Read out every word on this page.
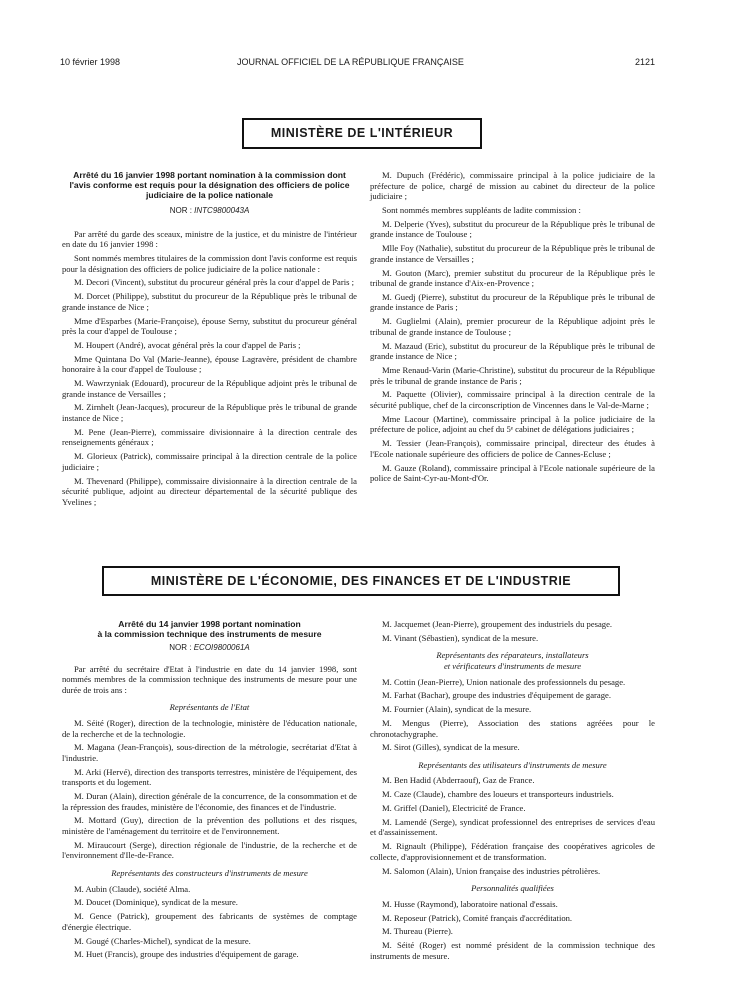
10 février 1998	JOURNAL OFFICIEL DE LA RÉPUBLIQUE FRANÇAISE	2121
MINISTÈRE DE L'INTÉRIEUR
Arrêté du 16 janvier 1998 portant nomination à la commission dont l'avis conforme est requis pour la désignation des officiers de police judiciaire de la police nationale
NOR : INTC9800043A

Par arrêté du garde des sceaux, ministre de la justice, et du ministre de l'intérieur en date du 16 janvier 1998 :

Sont nommés membres titulaires de la commission dont l'avis conforme est requis pour la désignation des officiers de police judiciaire de la police nationale :

M. Decori (Vincent), substitut du procureur général près la cour d'appel de Paris ;

M. Dorcet (Philippe), substitut du procureur de la République près le tribunal de grande instance de Nice ;

Mme d'Esparbes (Marie-Françoise), épouse Serny, substitut du procureur général près la cour d'appel de Toulouse ;

M. Houpert (André), avocat général près la cour d'appel de Paris ;

Mme Quintana Do Val (Marie-Jeanne), épouse Lagravère, président de chambre honoraire à la cour d'appel de Toulouse ;

M. Wawrzyniak (Edouard), procureur de la République adjoint près le tribunal de grande instance de Versailles ;

M. Zirnhelt (Jean-Jacques), procureur de la République près le tribunal de grande instance de Nice ;

M. Pene (Jean-Pierre), commissaire divisionnaire à la direction centrale des renseignements généraux ;

M. Glorieux (Patrick), commissaire principal à la direction centrale de la police judiciaire ;

M. Thevenard (Philippe), commissaire divisionnaire à la direction centrale de la sécurité publique, adjoint au directeur départemental de la sécurité publique des Yvelines ;

M. Dupuch (Frédéric), commissaire principal à la police judiciaire de la préfecture de police, chargé de mission au cabinet du directeur de la police judiciaire ;

Sont nommés membres suppléants de ladite commission :

M. Delperie (Yves), substitut du procureur de la République près le tribunal de grande instance de Toulouse ;

Mlle Foy (Nathalie), substitut du procureur de la République près le tribunal de grande instance de Versailles ;

M. Gouton (Marc), premier substitut du procureur de la République près le tribunal de grande instance d'Aix-en-Provence ;

M. Guedj (Pierre), substitut du procureur de la République près le tribunal de grande instance de Paris ;

M. Guglielmi (Alain), premier procureur de la République adjoint près le tribunal de grande instance de Toulouse ;

M. Mazaud (Eric), substitut du procureur de la République près le tribunal de grande instance de Nice ;

Mme Renaud-Varin (Marie-Christine), substitut du procureur de la République près le tribunal de grande instance de Paris ;

M. Paquette (Olivier), commissaire principal à la direction centrale de la sécurité publique, chef de la circonscription de Vincennes dans le Val-de-Marne ;

Mme Lacour (Martine), commissaire principal à la police judiciaire de la préfecture de police, adjoint au chef du 5ᵉ cabinet de délégations judiciaires ;

M. Tessier (Jean-François), commissaire principal, directeur des études à l'Ecole nationale supérieure des officiers de police de Cannes-Ecluse ;

M. Gauze (Roland), commissaire principal à l'Ecole nationale supérieure de la police de Saint-Cyr-au-Mont-d'Or.

MINISTÈRE DE L'ÉCONOMIE, DES FINANCES ET DE L'INDUSTRIE
Arrêté du 14 janvier 1998 portant nomination
à la commission technique des instruments de mesure
NOR : ECOI9800061A

Par arrêté du secrétaire d'Etat à l'industrie en date du 14 janvier 1998, sont nommés membres de la commission technique des instruments de mesure pour une durée de trois ans :

Représentants de l'Etat

M. Séité (Roger), direction de la technologie, ministère de l'éducation nationale, de la recherche et de la technologie.

M. Magana (Jean-François), sous-direction de la métrologie, secrétariat d'Etat à l'industrie.

M. Arki (Hervé), direction des transports terrestres, ministère de l'équipement, des transports et du logement.

M. Duran (Alain), direction générale de la concurrence, de la consommation et de la répression des fraudes, ministère de l'économie, des finances et de l'industrie.

M. Mottard (Guy), direction de la prévention des pollutions et des risques, ministère de l'aménagement du territoire et de l'environnement.

M. Miraucourt (Serge), direction régionale de l'industrie, de la recherche et de l'environnement d'Ile-de-France.

Représentants des constructeurs d'instruments de mesure

M. Aubin (Claude), société Alma.

M. Doucet (Dominique), syndicat de la mesure.

M. Gence (Patrick), groupement des fabricants de systèmes de comptage d'énergie électrique.

M. Gougé (Charles-Michel), syndicat de la mesure.

M. Huet (Francis), groupe des industries d'équipement de garage.

M. Jacquemet (Jean-Pierre), groupement des industriels du pesage.

M. Vinant (Sébastien), syndicat de la mesure.

Représentants des réparateurs, installateurs
et vérificateurs d'instruments de mesure

M. Cottin (Jean-Pierre), Union nationale des professionnels du pesage.

M. Farhat (Bachar), groupe des industries d'équipement de garage.

M. Fournier (Alain), syndicat de la mesure.

M. Mengus (Pierre), Association des stations agréées pour le chronotachygraphe.

M. Sirot (Gilles), syndicat de la mesure.

Représentants des utilisateurs d'instruments de mesure

M. Ben Hadid (Abderraouf), Gaz de France.

M. Caze (Claude), chambre des loueurs et transporteurs industriels.

M. Griffel (Daniel), Electricité de France.

M. Lamendé (Serge), syndicat professionnel des entreprises de services d'eau et d'assainissement.

M. Rignault (Philippe), Fédération française des coopératives agricoles de collecte, d'approvisionnement et de transformation.

M. Salomon (Alain), Union française des industries pétrolières.

Personnalités qualifiées

M. Husse (Raymond), laboratoire national d'essais.

M. Reposeur (Patrick), Comité français d'accréditation.

M. Thureau (Pierre).

M. Séité (Roger) est nommé président de la commission technique des instruments de mesure.
